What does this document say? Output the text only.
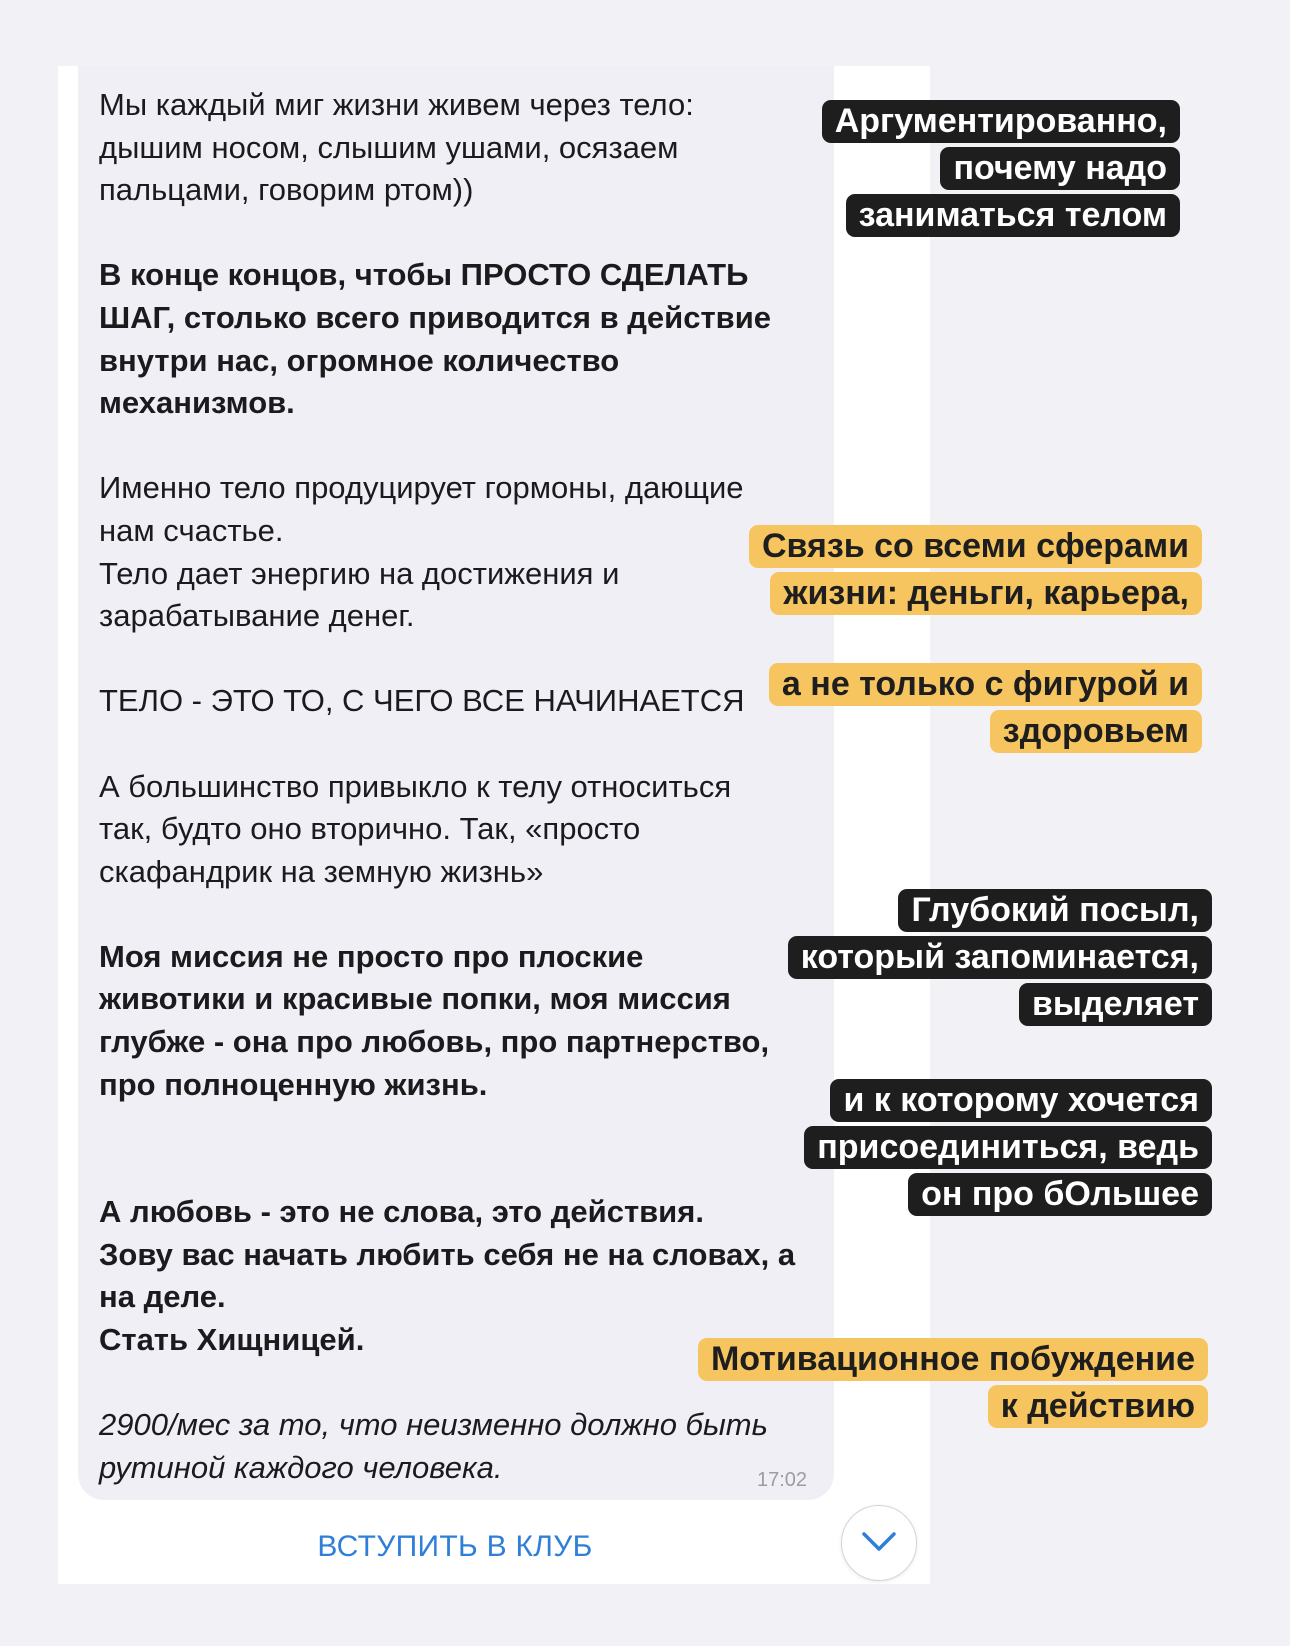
Мы каждый миг жизни живем через тело:
дышим носом, слышим ушами, осязаем
пальцами, говорим ртом))

В конце концов, чтобы ПРОСТО СДЕЛАТЬ
ШАГ, столько всего приводится в действие
внутри нас, огромное количество
механизмов.

Именно тело продуцирует гормоны, дающие
нам счастье.
Тело дает энергию на достижения и
зарабатывание денег.

ТЕЛО - ЭТО ТО, С ЧЕГО ВСЕ НАЧИНАЕТСЯ

А большинство привыкло к телу относиться
так, будто оно вторично. Так, «просто
скафандрик на земную жизнь»

Моя миссия не просто про плоские
животики и красивые попки, моя миссия
глубже - она про любовь, про партнерство,
про полноценную жизнь.

А любовь - это не слова, это действия.
Зову вас начать любить себя не на словах, а
на деле.
Стать Хищницей.

2900/мес за то, что неизменно должно быть
рутиной каждого человека.	17:02
ВСТУПИТЬ В КЛУБ
Аргументированно,
почему надо
заниматься телом
Связь со всеми сферами
жизни: деньги, карьера,
а не только с фигурой и
здоровьем
Глубокий посыл,
который запоминается,
выделяет
и к которому хочется
присоединиться, ведь
он про бОльшее
Мотивационное побуждение
к действию
